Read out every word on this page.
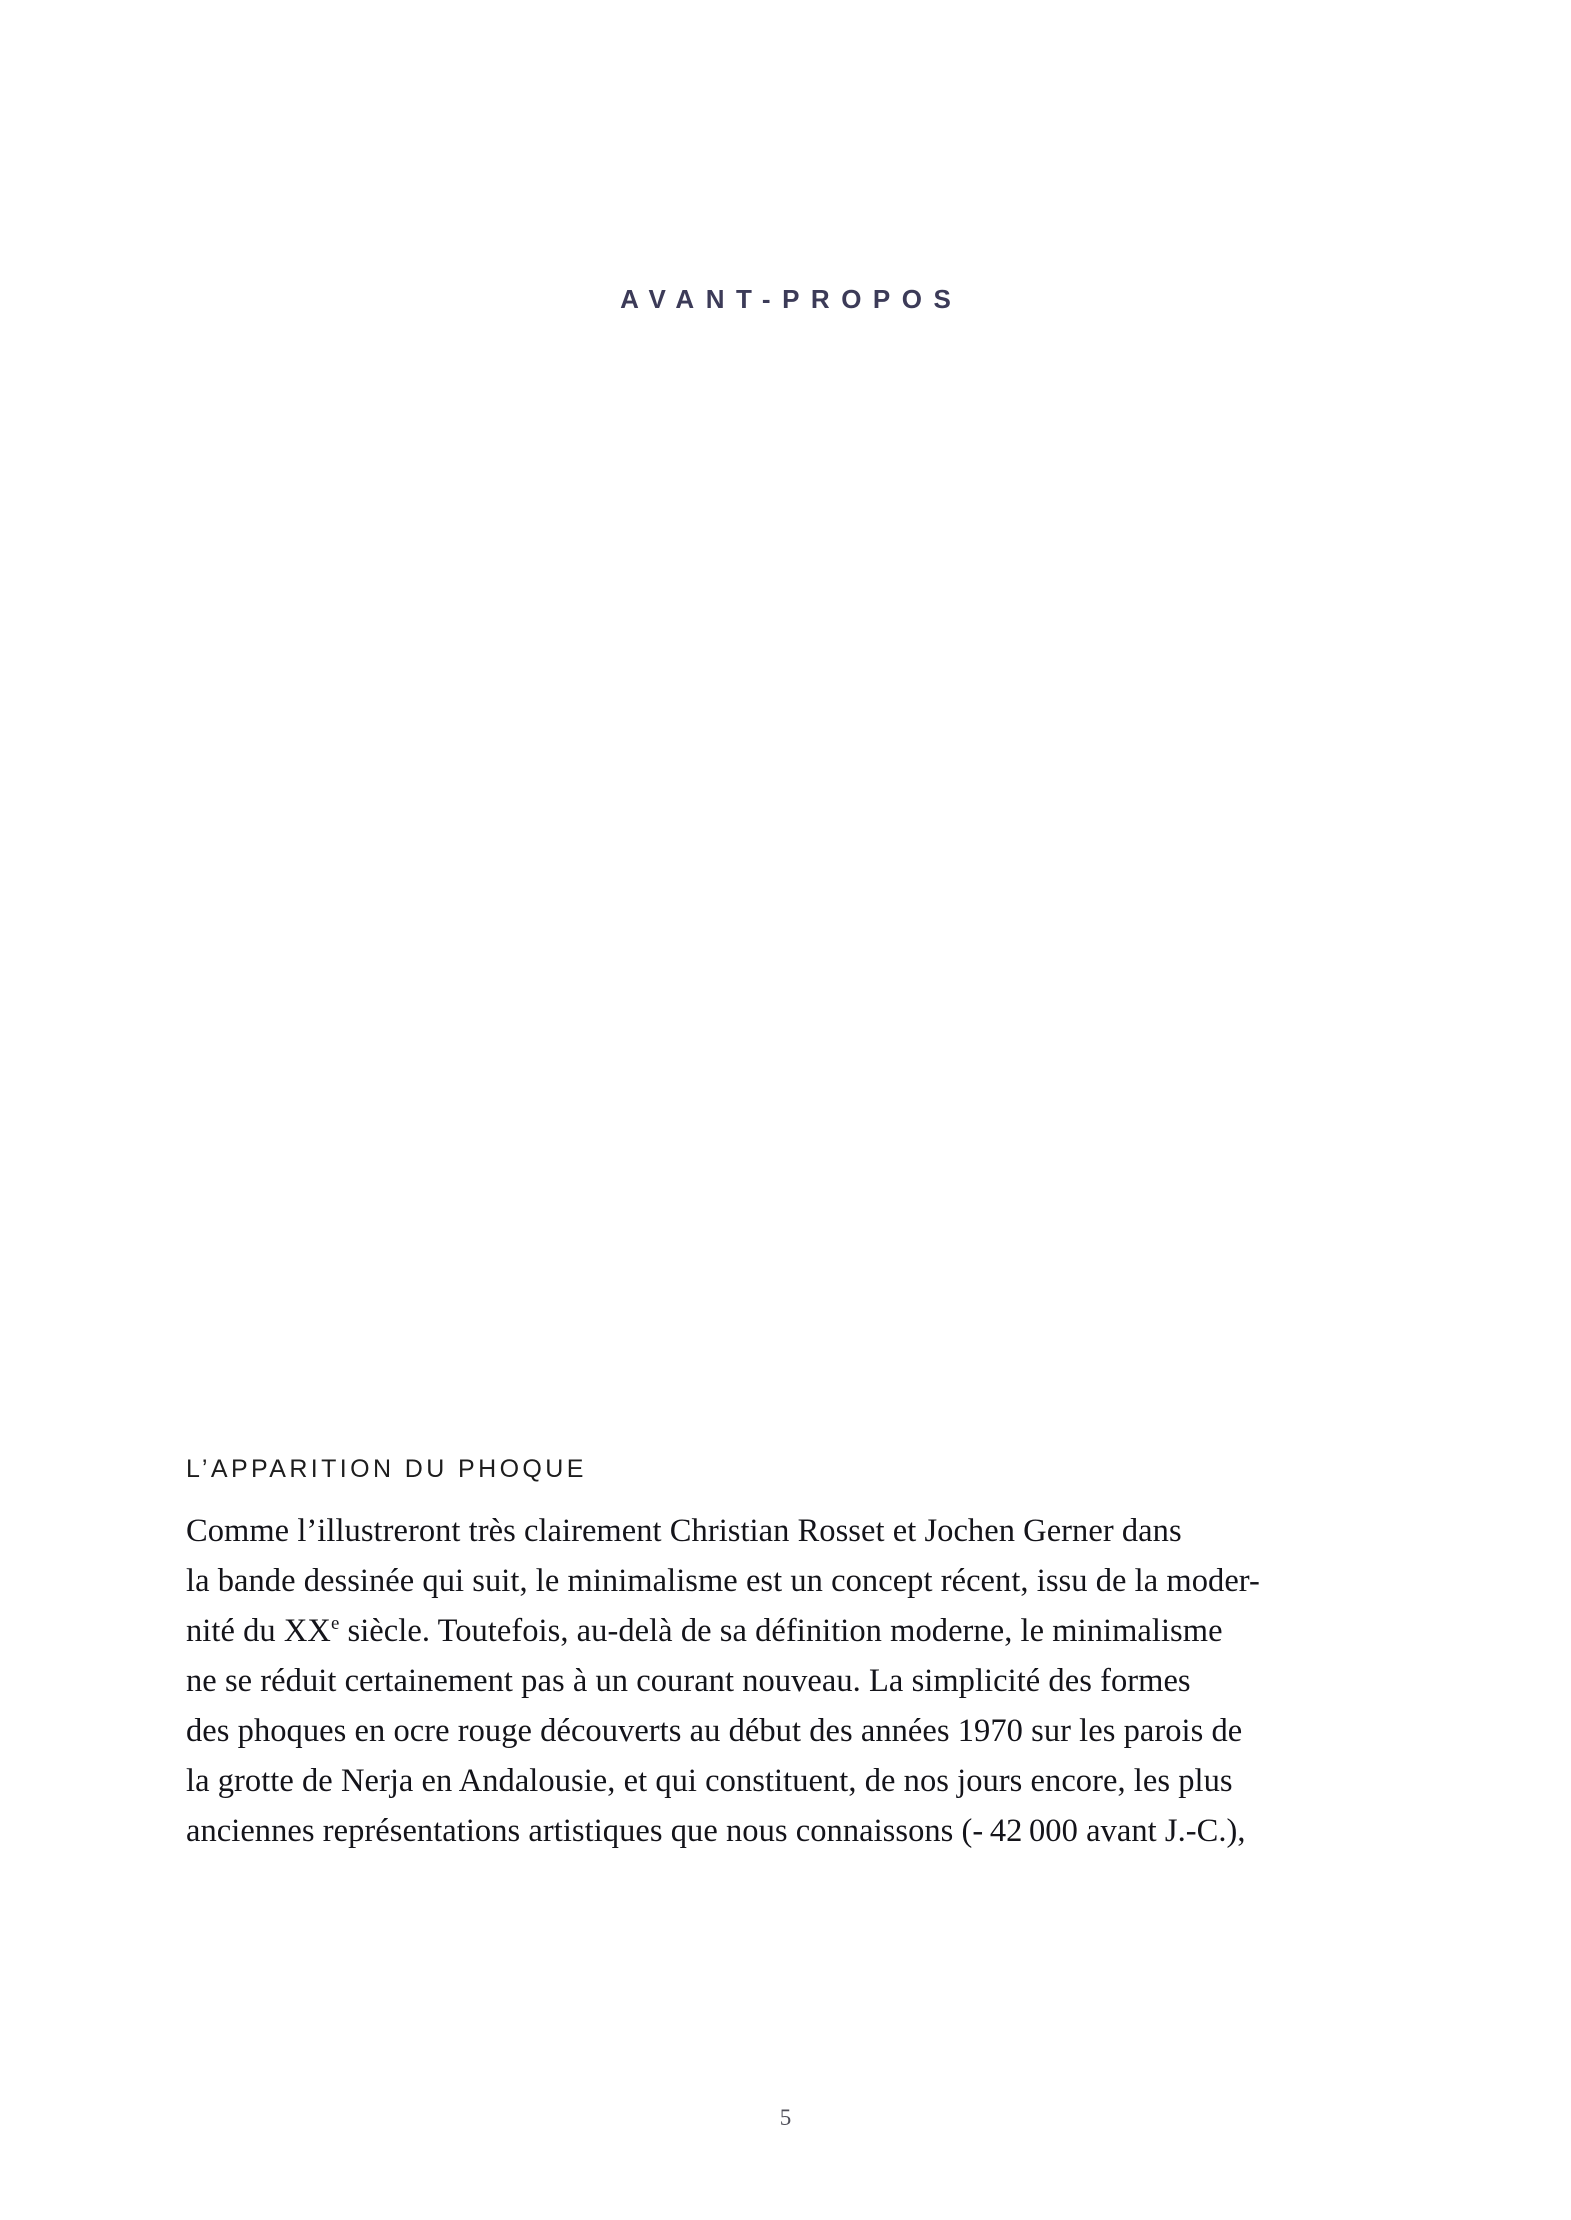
AVANT-PROPOS
L’APPARITION DU PHOQUE
Comme l’illustreront très clairement Christian Rosset et Jochen Gerner dans
la bande dessinée qui suit, le minimalisme est un concept récent, issu de la moder-
nité du XXe siècle. Toutefois, au-delà de sa définition moderne, le minimalisme
ne se réduit certainement pas à un courant nouveau. La simplicité des formes
des phoques en ocre rouge découverts au début des années 1970 sur les parois de
la grotte de Nerja en Andalousie, et qui constituent, de nos jours encore, les plus
anciennes représentations artistiques que nous connaissons (- 42 000 avant J.-C.),
5
